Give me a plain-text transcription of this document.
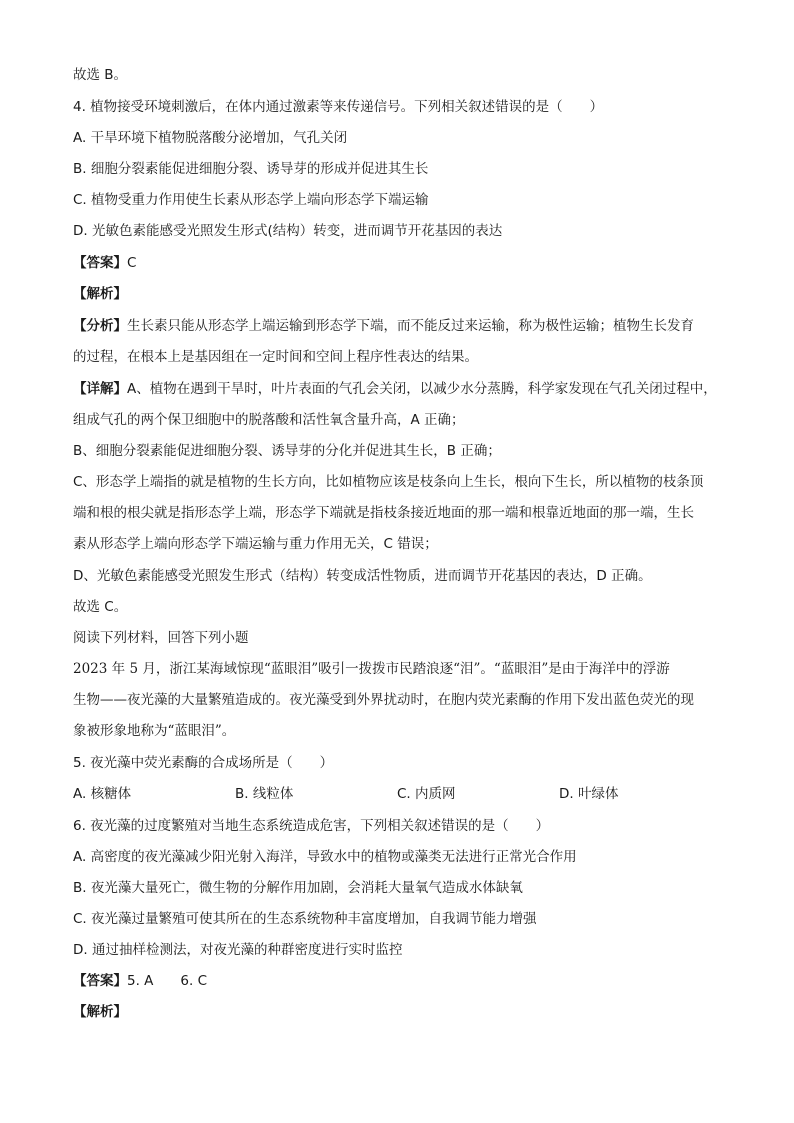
故选 B。
4. 植物接受环境刺激后，在体内通过激素等来传递信号。下列相关叙述错误的是（　　）
A. 干旱环境下植物脱落酸分泌增加，气孔关闭
B. 细胞分裂素能促进细胞分裂、诱导芽的形成并促进其生长
C. 植物受重力作用使生长素从形态学上端向形态学下端运输
D. 光敏色素能感受光照发生形式(结构）转变，进而调节开花基因的表达
【答案】C
【解析】
【分析】生长素只能从形态学上端运输到形态学下端，而不能反过来运输，称为极性运输；植物生长发育
的过程，在根本上是基因组在一定时间和空间上程序性表达的结果。
【详解】A、植物在遇到干旱时，叶片表面的气孔会关闭，以减少水分蒸腾，科学家发现在气孔关闭过程中，
组成气孔的两个保卫细胞中的脱落酸和活性氧含量升高，A 正确；
B、细胞分裂素能促进细胞分裂、诱导芽的分化并促进其生长，B 正确；
C、形态学上端指的就是植物的生长方向，比如植物应该是枝条向上生长，根向下生长，所以植物的枝条顶
端和根的根尖就是指形态学上端，形态学下端就是指枝条接近地面的那一端和根靠近地面的那一端，生长
素从形态学上端向形态学下端运输与重力作用无关，C 错误；
D、光敏色素能感受光照发生形式（结构）转变成活性物质，进而调节开花基因的表达，D 正确。
故选 C。
阅读下列材料，回答下列小题
2023 年 5 月，浙江某海域惊现“蓝眼泪”吸引一拨拨市民踏浪逐“泪”。“蓝眼泪”是由于海洋中的浮游
生物——夜光藻的大量繁殖造成的。夜光藻受到外界扰动时，在胞内荧光素酶的作用下发出蓝色荧光的现
象被形象地称为“蓝眼泪”。
5. 夜光藻中荧光素酶的合成场所是（　　）
A. 核糖体	B. 线粒体	C. 内质网	D. 叶绿体
6. 夜光藻的过度繁殖对当地生态系统造成危害，下列相关叙述错误的是（　　）
A. 高密度的夜光藻减少阳光射入海洋，导致水中的植物或藻类无法进行正常光合作用
B. 夜光藻大量死亡，微生物的分解作用加剧，会消耗大量氧气造成水体缺氧
C. 夜光藻过量繁殖可使其所在的生态系统物种丰富度增加，自我调节能力增强
D. 通过抽样检测法，对夜光藻的种群密度进行实时监控
【答案】5. A　　6. C
【解析】
